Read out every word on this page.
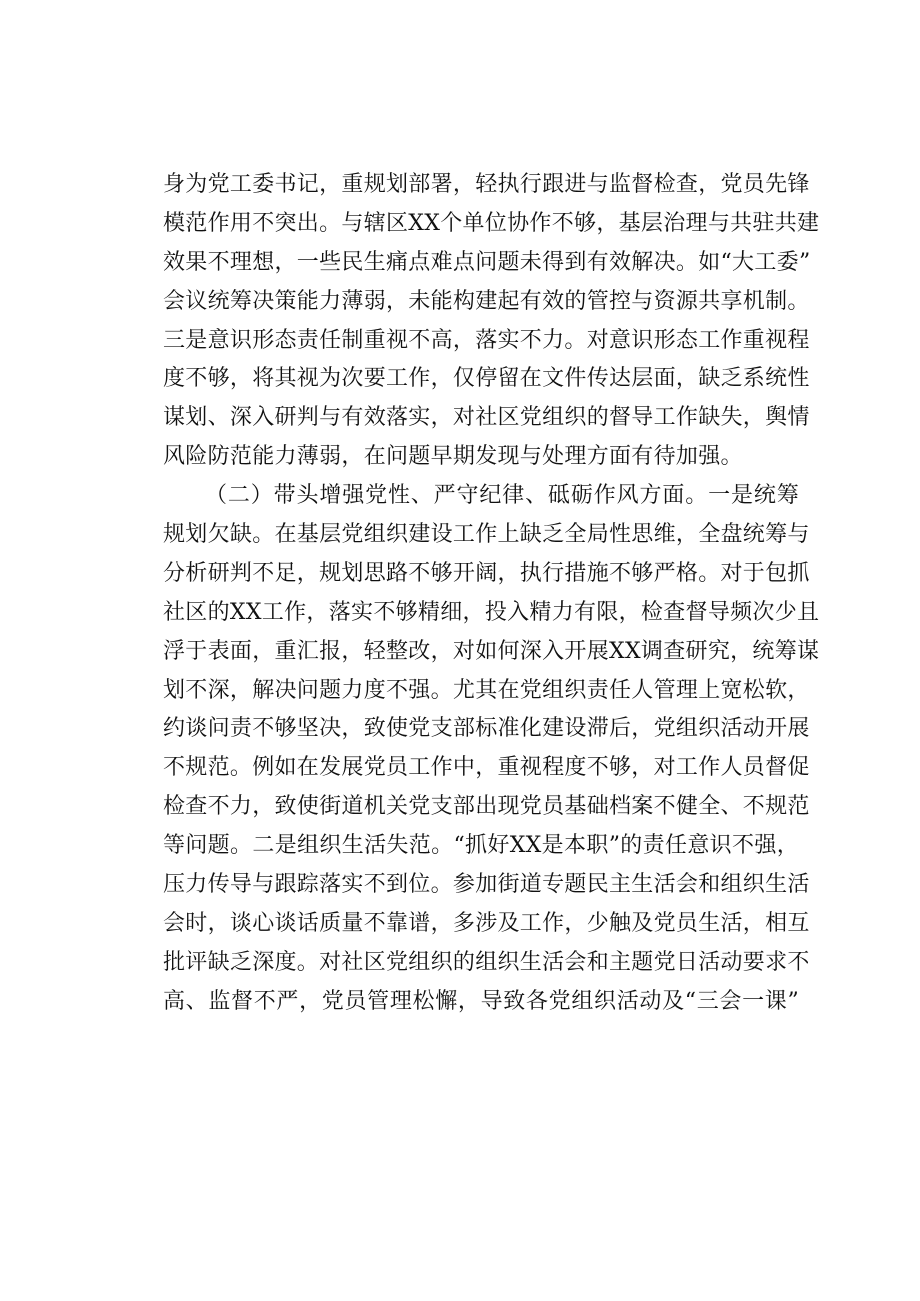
身为党工委书记，重规划部署，轻执行跟进与监督检查，党员先锋
模范作用不突出。与辖区XX个单位协作不够，基层治理与共驻共建
效果不理想，一些民生痛点难点问题未得到有效解决。如“大工委”
会议统筹决策能力薄弱，未能构建起有效的管控与资源共享机制。
三是意识形态责任制重视不高，落实不力。对意识形态工作重视程
度不够，将其视为次要工作，仅停留在文件传达层面，缺乏系统性
谋划、深入研判与有效落实，对社区党组织的督导工作缺失，舆情
风险防范能力薄弱，在问题早期发现与处理方面有待加强。
（二）带头增强党性、严守纪律、砥砺作风方面。一是统筹
规划欠缺。在基层党组织建设工作上缺乏全局性思维，全盘统筹与
分析研判不足，规划思路不够开阔，执行措施不够严格。对于包抓
社区的XX工作，落实不够精细，投入精力有限，检查督导频次少且
浮于表面，重汇报，轻整改，对如何深入开展XX调查研究，统筹谋
划不深，解决问题力度不强。尤其在党组织责任人管理上宽松软，
约谈问责不够坚决，致使党支部标准化建设滞后，党组织活动开展
不规范。例如在发展党员工作中，重视程度不够，对工作人员督促
检查不力，致使街道机关党支部出现党员基础档案不健全、不规范
等问题。二是组织生活失范。“抓好XX是本职”的责任意识不强，
压力传导与跟踪落实不到位。参加街道专题民主生活会和组织生活
会时，谈心谈话质量不靠谱，多涉及工作，少触及党员生活，相互
批评缺乏深度。对社区党组织的组织生活会和主题党日活动要求不
高、监督不严，党员管理松懈，导致各党组织活动及“三会一课”
